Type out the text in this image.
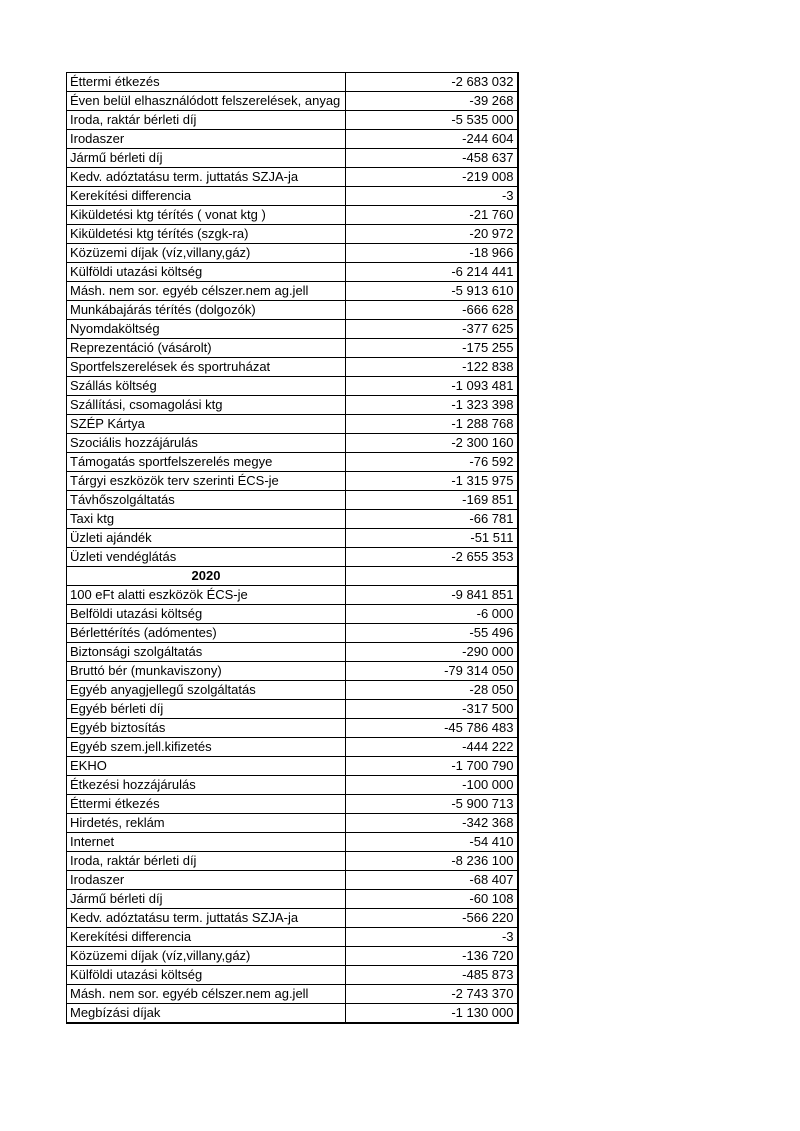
Éttermi étkezés	-2 683 032
Éven belül elhasználódott felszerelések, anyag	-39 268
Iroda, raktár bérleti díj	-5 535 000
Irodaszer	-244 604
Jármű bérleti díj	-458 637
Kedv. adóztatásu term. juttatás SZJA-ja	-219 008
Kerekítési differencia	-3
Kiküldetési ktg térítés ( vonat ktg )	-21 760
Kiküldetési ktg térítés (szgk-ra)	-20 972
Közüzemi díjak (víz,villany,gáz)	-18 966
Külföldi utazási költség	-6 214 441
Másh. nem sor. egyéb célszer.nem ag.jell	-5 913 610
Munkábajárás térítés (dolgozók)	-666 628
Nyomdaköltség	-377 625
Reprezentáció (vásárolt)	-175 255
Sportfelszerelések és sportruházat	-122 838
Szállás költség	-1 093 481
Szállítási, csomagolási ktg	-1 323 398
SZÉP Kártya	-1 288 768
Szociális hozzájárulás	-2 300 160
Támogatás sportfelszerelés megye	-76 592
Tárgyi eszközök terv szerinti ÉCS-je	-1 315 975
Távhőszolgáltatás	-169 851
Taxi ktg	-66 781
Üzleti ajándék	-51 511
Üzleti vendéglátás	-2 655 353
2020	
100 eFt alatti eszközök ÉCS-je	-9 841 851
Belföldi utazási költség	-6 000
Bérlettérítés (adómentes)	-55 496
Biztonsági szolgáltatás	-290 000
Bruttó bér (munkaviszony)	-79 314 050
Egyéb anyagjellegű szolgáltatás	-28 050
Egyéb bérleti díj	-317 500
Egyéb biztosítás	-45 786 483
Egyéb szem.jell.kifizetés	-444 222
EKHO	-1 700 790
Étkezési hozzájárulás	-100 000
Éttermi étkezés	-5 900 713
Hirdetés, reklám	-342 368
Internet	-54 410
Iroda, raktár bérleti díj	-8 236 100
Irodaszer	-68 407
Jármű bérleti díj	-60 108
Kedv. adóztatásu term. juttatás SZJA-ja	-566 220
Kerekítési differencia	-3
Közüzemi díjak (víz,villany,gáz)	-136 720
Külföldi utazási költség	-485 873
Másh. nem sor. egyéb célszer.nem ag.jell	-2 743 370
Megbízási díjak	-1 130 000
